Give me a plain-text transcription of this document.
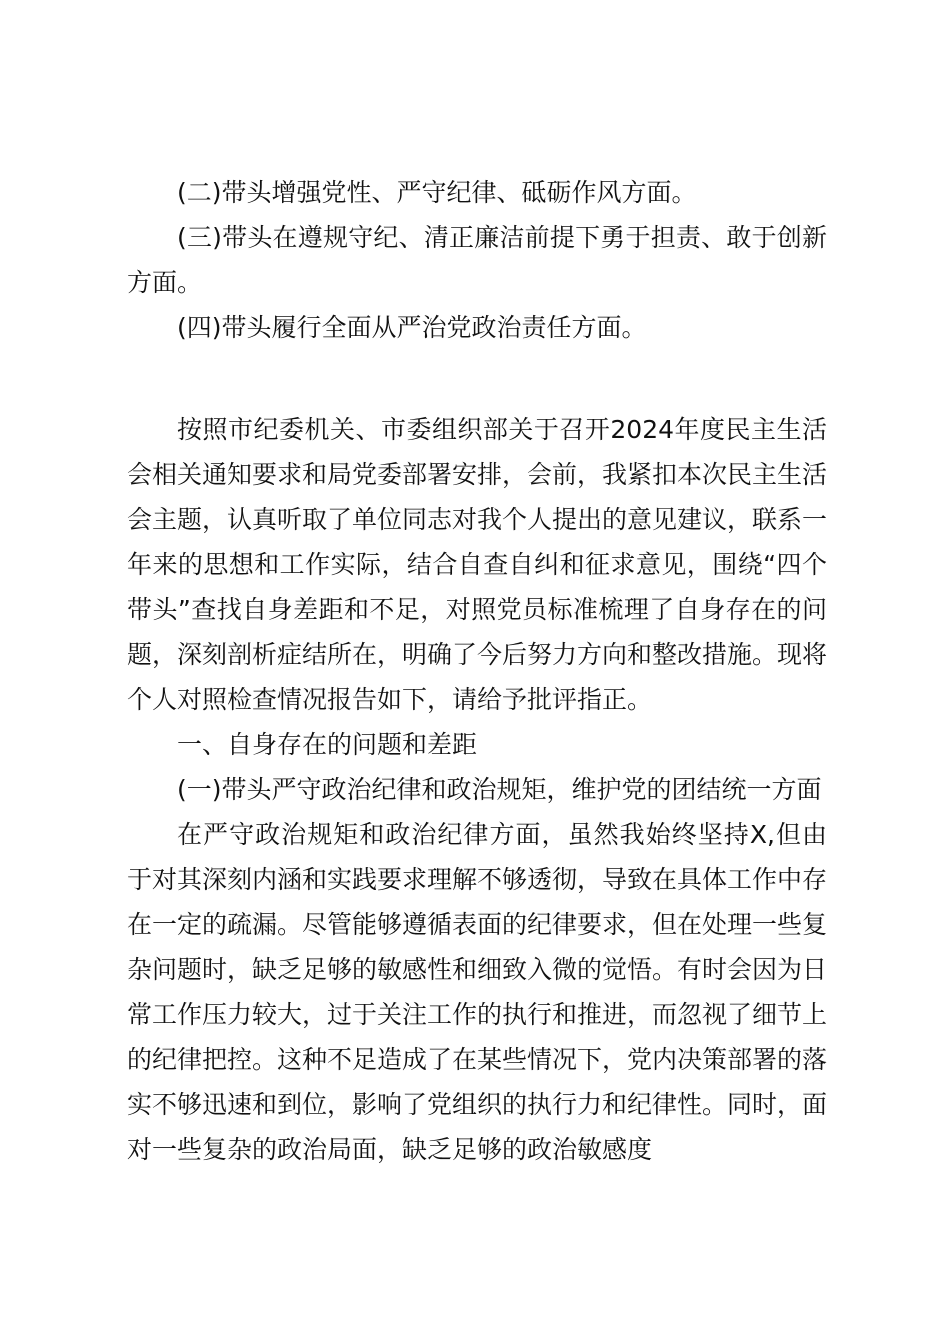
(二)带头增强党性、严守纪律、砥砺作风方面。

(三)带头在遵规守纪、清正廉洁前提下勇于担责、敢于创新方面。

(四)带头履行全面从严治党政治责任方面。

按照市纪委机关、市委组织部关于召开2024年度民主生活会相关通知要求和局党委部署安排，会前，我紧扣本次民主生活会主题，认真听取了单位同志对我个人提出的意见建议，联系一年来的思想和工作实际，结合自查自纠和征求意见，围绕“四个带头”查找自身差距和不足，对照党员标准梳理了自身存在的问题，深刻剖析症结所在，明确了今后努力方向和整改措施。现将个人对照检查情况报告如下，请给予批评指正。

一、自身存在的问题和差距

(一)带头严守政治纪律和政治规矩，维护党的团结统一方面

在严守政治规矩和政治纪律方面，虽然我始终坚持X,但由于对其深刻内涵和实践要求理解不够透彻，导致在具体工作中存在一定的疏漏。尽管能够遵循表面的纪律要求，但在处理一些复杂问题时，缺乏足够的敏感性和细致入微的觉悟。有时会因为日常工作压力较大，过于关注工作的执行和推进，而忽视了细节上的纪律把控。这种不足造成了在某些情况下，党内决策部署的落实不够迅速和到位，影响了党组织的执行力和纪律性。同时，面对一些复杂的政治局面，缺乏足够的政治敏感度
